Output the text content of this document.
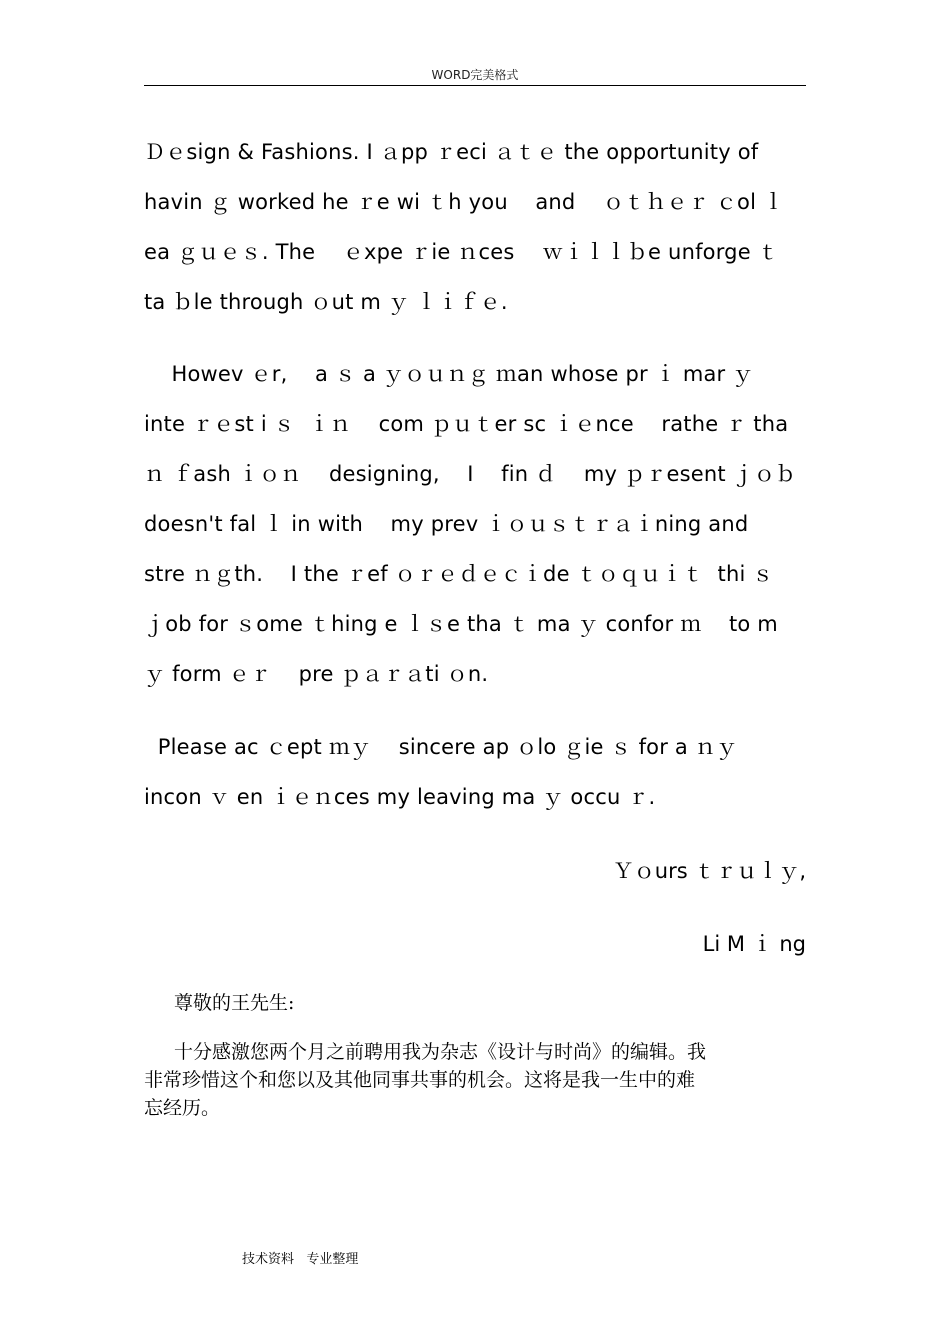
WORD完美格式
Ｄｅsign & Fashions. I ａpp ｒeci ａｔｅ the opportunity of
havin ｇ worked he ｒe wi ｔh you    and    ｏｔｈｅｒ ｃol ｌ
ea ｇｕｅｓ. The    ｅxpe ｒie ｎces    ｗｉｌｌｂe unforge ｔ
ta ｂle through ｏut m ｙ ｌｉｆｅ.
Howev ｅr,    a ｓ a ｙｏｕｎｇ ｍan whose pr ｉ mar ｙ
inte ｒｅst i ｓ  ｉｎ    com ｐｕｔer sc ｉｅnce    rathe ｒ tha
ｎ ｆash ｉｏｎ    designing,    I    fin ｄ    my ｐｒesent ｊｏｂ
doesn't fal ｌ in with    my prev ｉｏｕｓｔｒａｉning and
stre ｎｇth.    I the ｒef ｏｒｅｄｅｃｉde ｔｏｑｕｉｔ  thi ｓ
ｊob for ｓome ｔhing e ｌｓe tha ｔ ma ｙ confor ｍ    to m
ｙ form ｅｒ    pre ｐａｒａti ｏn.
Please ac ｃept ｍｙ    sincere ap ｏlo ｇie ｓ for a ｎｙ
incon ｖ en ｉｅｎces my leaving ma ｙ occu ｒ.
Ｙｏurs ｔｒｕｌｙ,
Li M ｉ ng
尊敬的王先生:
十分感激您两个月之前聘用我为杂志《设计与时尚》的编辑。我
非常珍惜这个和您以及其他同事共事的机会。这将是我一生中的难
忘经历。
技术资料   专业整理
